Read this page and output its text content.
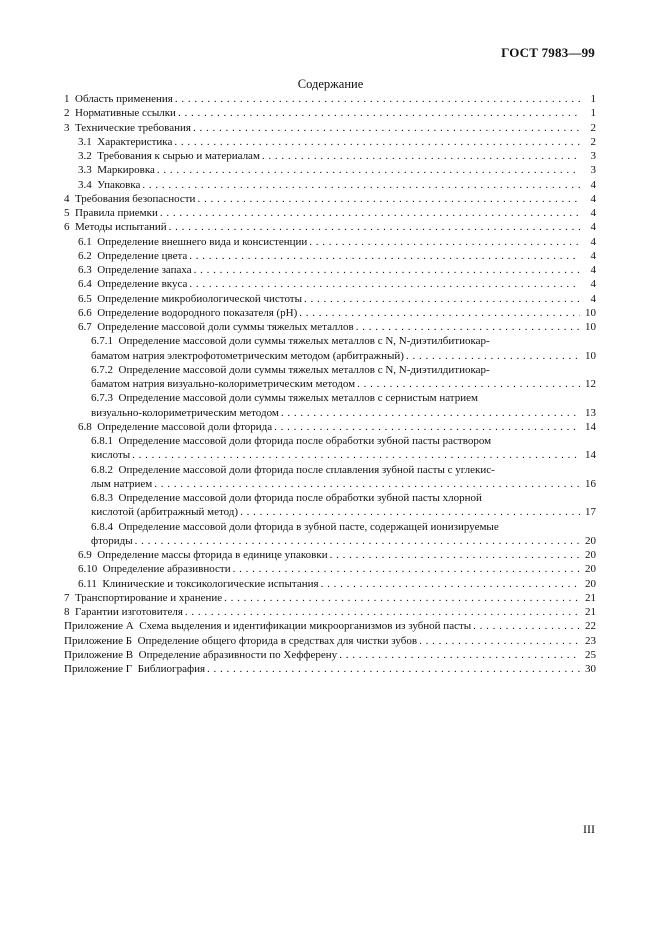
ГОСТ 7983—99
Содержание
1 Область применения . . .	1
2 Нормативные ссылки . . .	1
3 Технические требования . . .	2
3.1 Характеристика . . .	2
3.2 Требования к сырью и материалам . . .	3
3.3 Маркировка . . .	3
3.4 Упаковка . . .	4
4 Требования безопасности . . .	4
5 Правила приемки . . .	4
6 Методы испытаний . . .	4
6.1 Определение внешнего вида и консистенции . . .	4
6.2 Определение цвета . . .	4
6.3 Определение запаха . . .	4
6.4 Определение вкуса . . .	4
6.5 Определение микробиологической чистоты . . .	4
6.6 Определение водородного показателя (pH) . . .	10
6.7 Определение массовой доли суммы тяжелых металлов . . .	10
6.7.1 Определение массовой доли суммы тяжелых металлов с N, N-диэтилбитиокар-
баматом натрия электрофотометрическим методом (арбитражный) . . .	10
6.7.2 Определение массовой доли суммы тяжелых металлов с N, N-диэтилдитиокар-
баматом натрия визуально-колориметрическим методом . . .	12
6.7.3 Определение массовой доли суммы тяжелых металлов с сернистым натрием
визуально-колориметрическим методом . . .	13
6.8 Определение массовой доли фторида . . .	14
6.8.1 Определение массовой доли фторида после обработки зубной пасты раствором
кислоты . . .	14
6.8.2 Определение массовой доли фторида после сплавления зубной пасты с углекис-
лым натрием . . .	16
6.8.3 Определение массовой доли фторида после обработки зубной пасты хлорной
кислотой (арбитражный метод) . . .	17
6.8.4 Определение массовой доли фторида в зубной пасте, содержащей ионизируемые
фториды . . .	20
6.9 Определение массы фторида в единице упаковки . . .	20
6.10 Определение абразивности . . .	20
6.11 Клинические и токсикологические испытания . . .	20
7 Транспортирование и хранение . . .	21
8 Гарантии изготовителя . . .	21
Приложение А Схема выделения и идентификации микроорганизмов из зубной пасты . . .	22
Приложение Б Определение общего фторида в средствах для чистки зубов . . .	23
Приложение В Определение абразивности по Хефферену . . .	25
Приложение Г Библиография . . .	30
III
